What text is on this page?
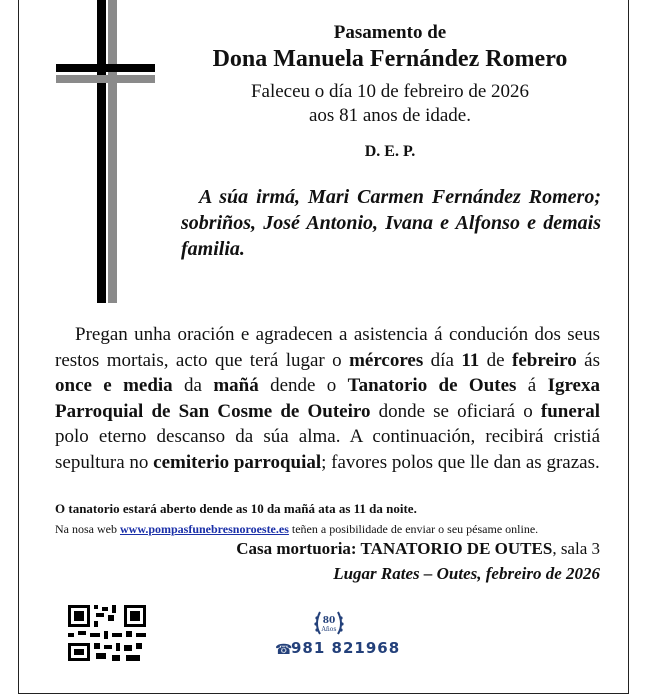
Pasamento de
Dona Manuela Fernández Romero
Faleceu o día 10 de febreiro de 2026
aos 81 anos de idade.
D. E. P.
A súa irmá, Mari Carmen Fernández Romero; sobriños, José Antonio, Ivana e Alfonso e demais familia.
Pregan unha oración e agradecen a asistencia á condución dos seus restos mortais, acto que terá lugar o mércores día 11 de febreiro ás once e media da mañá dende o Tanatorio de Outes á Igrexa Parroquial de San Cosme de Outeiro donde se oficiará o funeral polo eterno descanso da súa alma. A continuación, recibirá cristiá sepultura no cemiterio parroquial; favores polos que lle dan as grazas.
O tanatorio estará aberto dende as 10 da mañá ata as 11 da noite.
Na nosa web www.pompasfunebresnoroeste.es teñen a posibilidade de enviar o seu pésame online.
Casa mortuoria: TANATORIO DE OUTES, sala 3
Lugar Rates – Outes, febreiro de 2026
80
Años
☎
981 821968
